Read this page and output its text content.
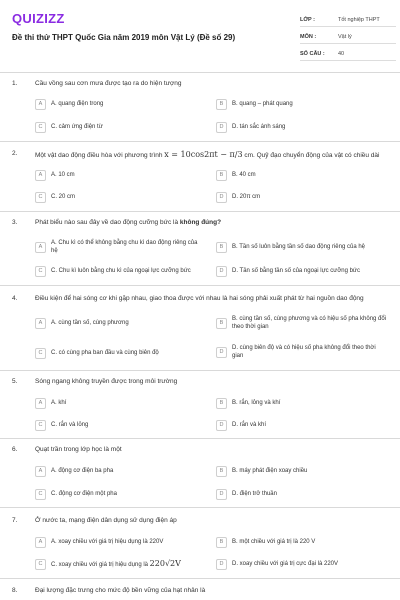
QUIZIZZ
Đề thi thử THPT Quốc Gia năm 2019 môn Vật Lý (Đề số 29)
LỚP :	Tốt nghiệp THPT
MÔN :	Vật lý
SỐ CÂU :	40
1.	Cầu vồng sau cơn mưa được tạo ra do hiện tượng
A	A. quang điện trong	B	B. quang – phát quang
C	C. cảm ứng điện từ	D	D. tán sắc ánh sáng
2.	Một vật dao động điều hòa với phương trình x = 10cos2πt − π/3 cm. Quỹ đạo chuyển động của vật có chiều dài
A	A. 10 cm	B	B. 40 cm
C	C. 20 cm	D	D. 20π cm
3.	Phát biểu nào sau đây về dao động cưỡng bức là không đúng?
A
A. Chu kì có thể không bằng chu kì dao động riêng của hệ
B	B. Tần số luôn bằng tần số dao động riêng của hệ
C	C. Chu kì luôn bằng chu kì của ngoại lực cưỡng bức	D	D. Tần số bằng tần số của ngoại lực cưỡng bức
4.	Điều kiện để hai sóng cơ khi gặp nhau, giao thoa được với nhau là hai sóng phải xuất phát từ hai nguồn dao động
A	A. cùng tần số, cùng phương	B
B. cùng tần số, cùng phương và có hiệu số pha không đổi theo thời gian
C	C. có cùng pha ban đầu và cùng biên độ	D
D. cùng biên độ và có hiệu số pha không đổi theo thời gian
5.	Sóng ngang không truyền được trong môi trường
A	A. khí	B	B. rắn, lỏng và khí
C	C. rắn và lỏng	D	D. rắn và khí
6.	Quạt trần trong lớp học là một
A	A. động cơ điện ba pha	B	B. máy phát điện xoay chiều
C	C. động cơ điện một pha	D	D. điện trở thuần
7.	Ở nước ta, mạng điện dân dụng sử dụng điện áp
A	A. xoay chiều với giá trị hiệu dụng là 220V	B	B. một chiều với giá trị là 220 V
C	C. xoay chiều với giá trị hiệu dụng là 220√2V	D	D. xoay chiều với giá trị cực đại là 220V
8.	Đại lượng đặc trưng cho mức độ bền vững của hạt nhân là
